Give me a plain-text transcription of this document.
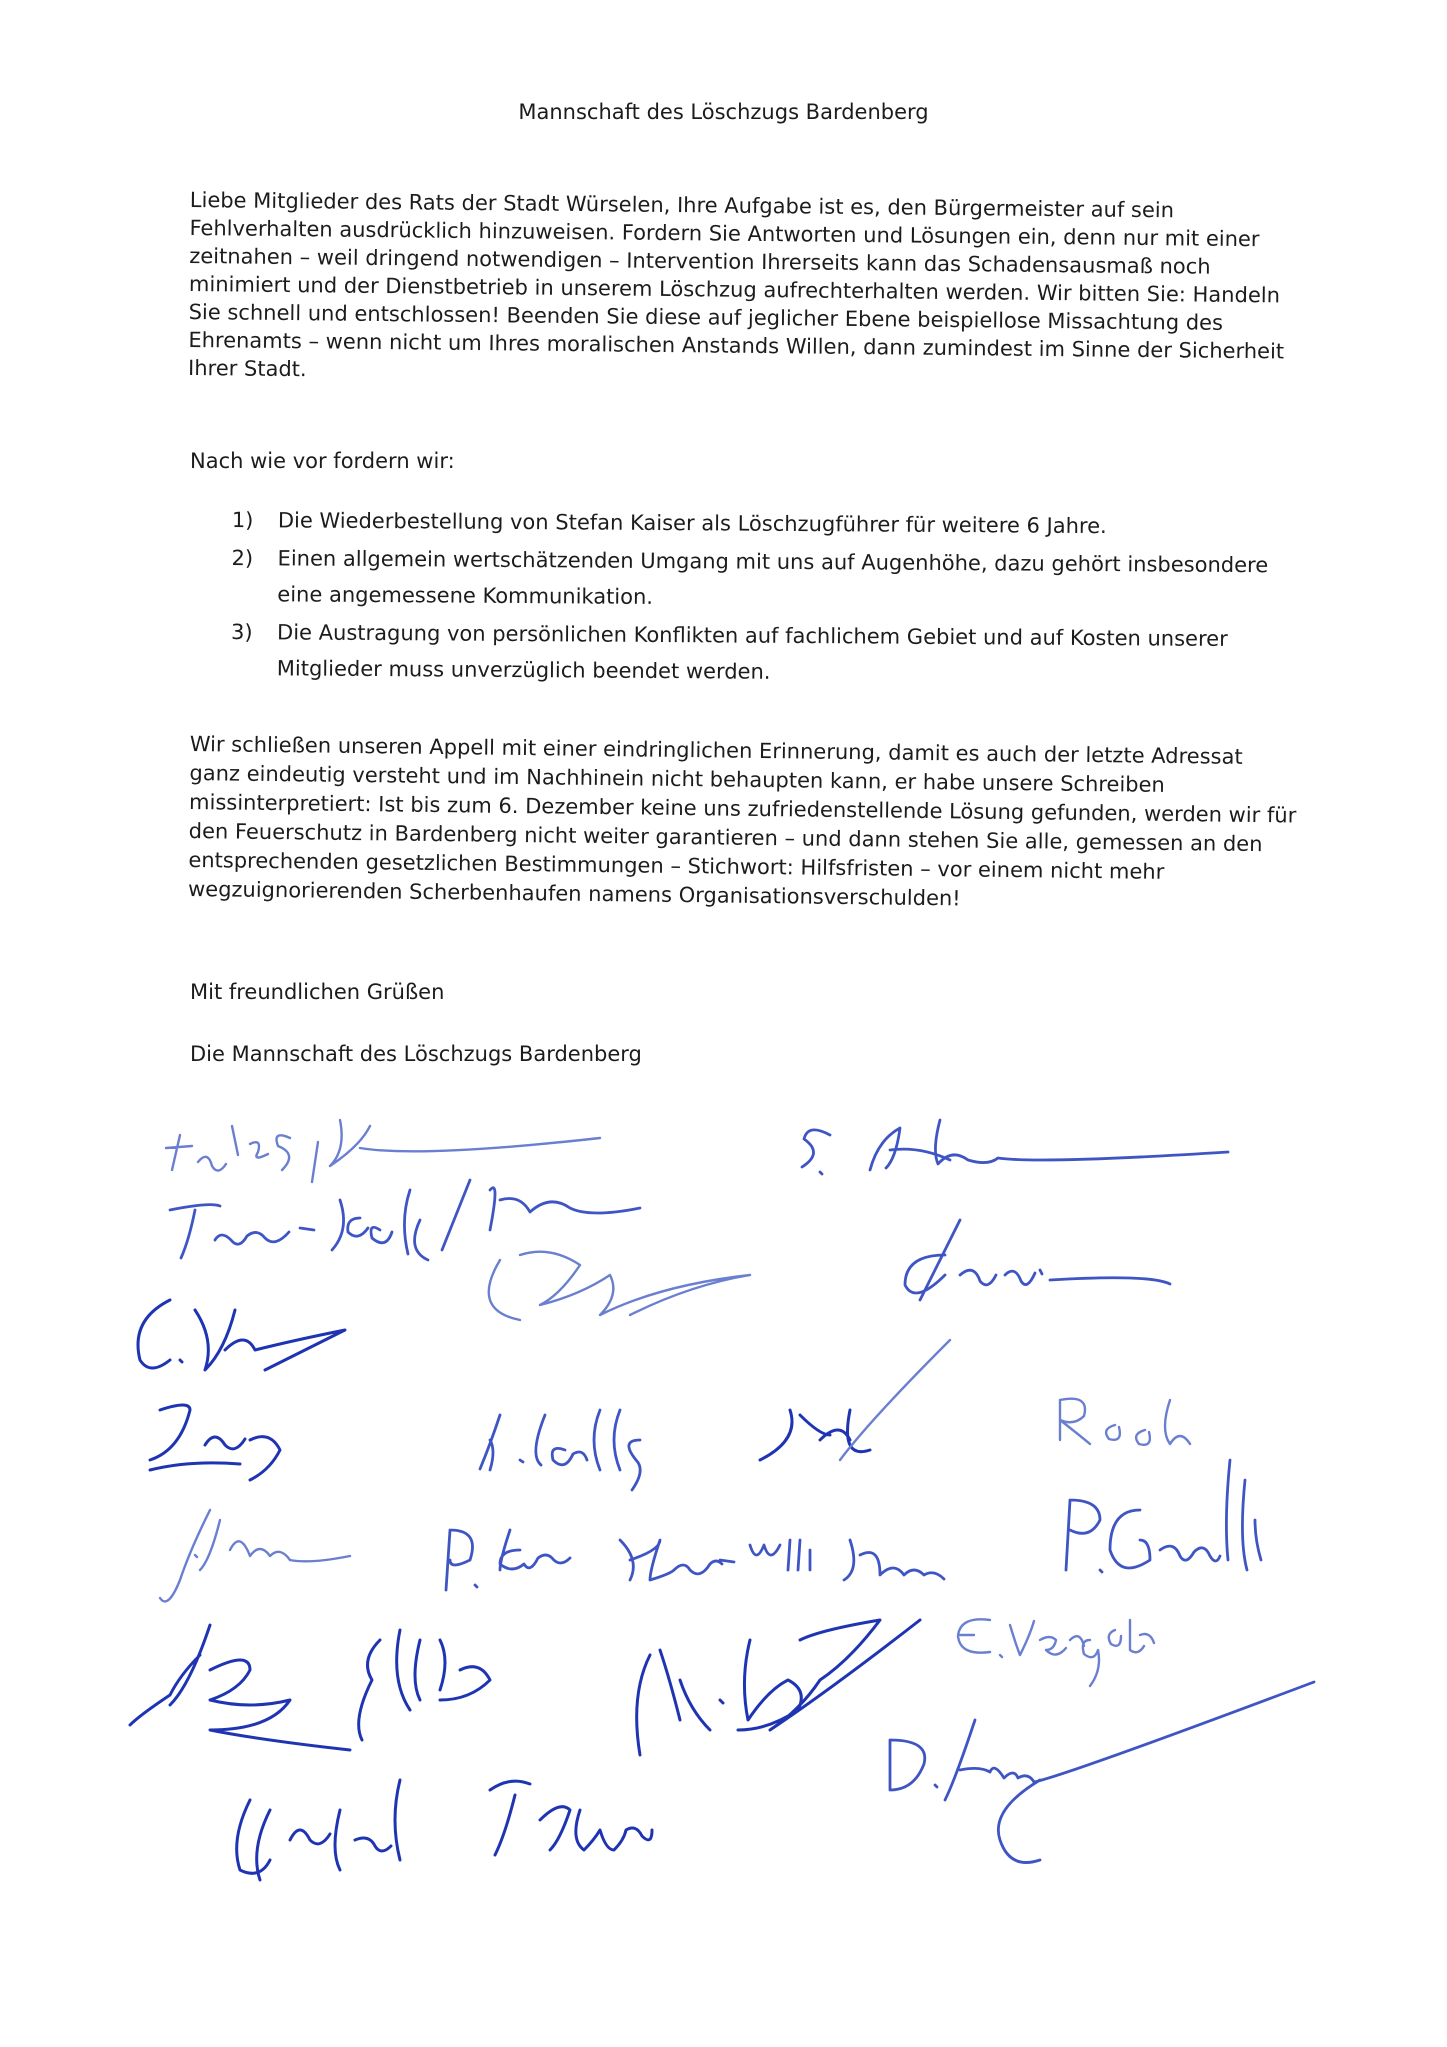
Mannschaft des Löschzugs Bardenberg
Liebe Mitglieder des Rats der Stadt Würselen, Ihre Aufgabe ist es, den Bürgermeister auf sein Fehlverhalten ausdrücklich hinzuweisen. Fordern Sie Antworten und Lösungen ein, denn nur mit einer zeitnahen – weil dringend notwendigen – Intervention Ihrerseits kann das Schadensausmaß noch minimiert und der Dienstbetrieb in unserem Löschzug aufrechterhalten werden. Wir bitten Sie: Handeln Sie schnell und entschlossen! Beenden Sie diese auf jeglicher Ebene beispiellose Missachtung des Ehrenamts – wenn nicht um Ihres moralischen Anstands Willen, dann zumindest im Sinne der Sicherheit Ihrer Stadt.
Nach wie vor fordern wir:
1) Die Wiederbestellung von Stefan Kaiser als Löschzugführer für weitere 6 Jahre.
2) Einen allgemein wertschätzenden Umgang mit uns auf Augenhöhe, dazu gehört insbesondere eine angemessene Kommunikation.
3) Die Austragung von persönlichen Konflikten auf fachlichem Gebiet und auf Kosten unserer Mitglieder muss unverzüglich beendet werden.
Wir schließen unseren Appell mit einer eindringlichen Erinnerung, damit es auch der letzte Adressat ganz eindeutig versteht und im Nachhinein nicht behaupten kann, er habe unsere Schreiben missinterpretiert: Ist bis zum 6. Dezember keine uns zufriedenstellende Lösung gefunden, werden wir für den Feuerschutz in Bardenberg nicht weiter garantieren – und dann stehen Sie alle, gemessen an den entsprechenden gesetzlichen Bestimmungen – Stichwort: Hilfsfristen – vor einem nicht mehr wegzuignorierenden Scherbenhaufen namens Organisationsverschulden!
Mit freundlichen Grüßen
Die Mannschaft des Löschzugs Bardenberg
